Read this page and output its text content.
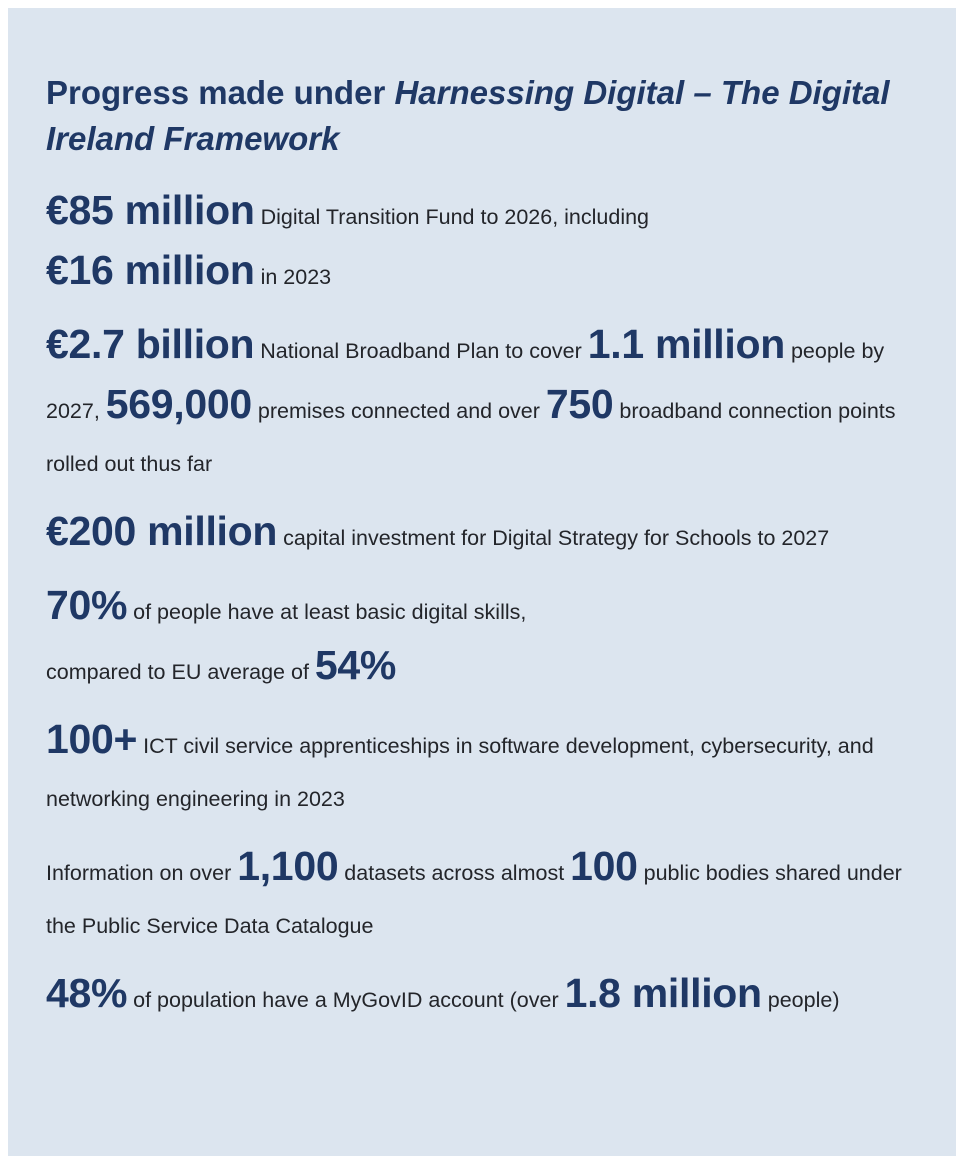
Progress made under Harnessing Digital – The Digital Ireland Framework

€85 million Digital Transition Fund to 2026, including
€16 million in 2023

€2.7 billion National Broadband Plan to cover 1.1 million people by 2027, 569,000 premises connected and over 750 broadband connection points rolled out thus far

€200 million capital investment for Digital Strategy for Schools to 2027

70% of people have at least basic digital skills,
compared to EU average of 54%

100+ ICT civil service apprenticeships in software development, cybersecurity, and networking engineering in 2023

Information on over 1,100 datasets across almost 100 public bodies shared under the Public Service Data Catalogue

48% of population have a MyGovID account (over 1.8 million people)
